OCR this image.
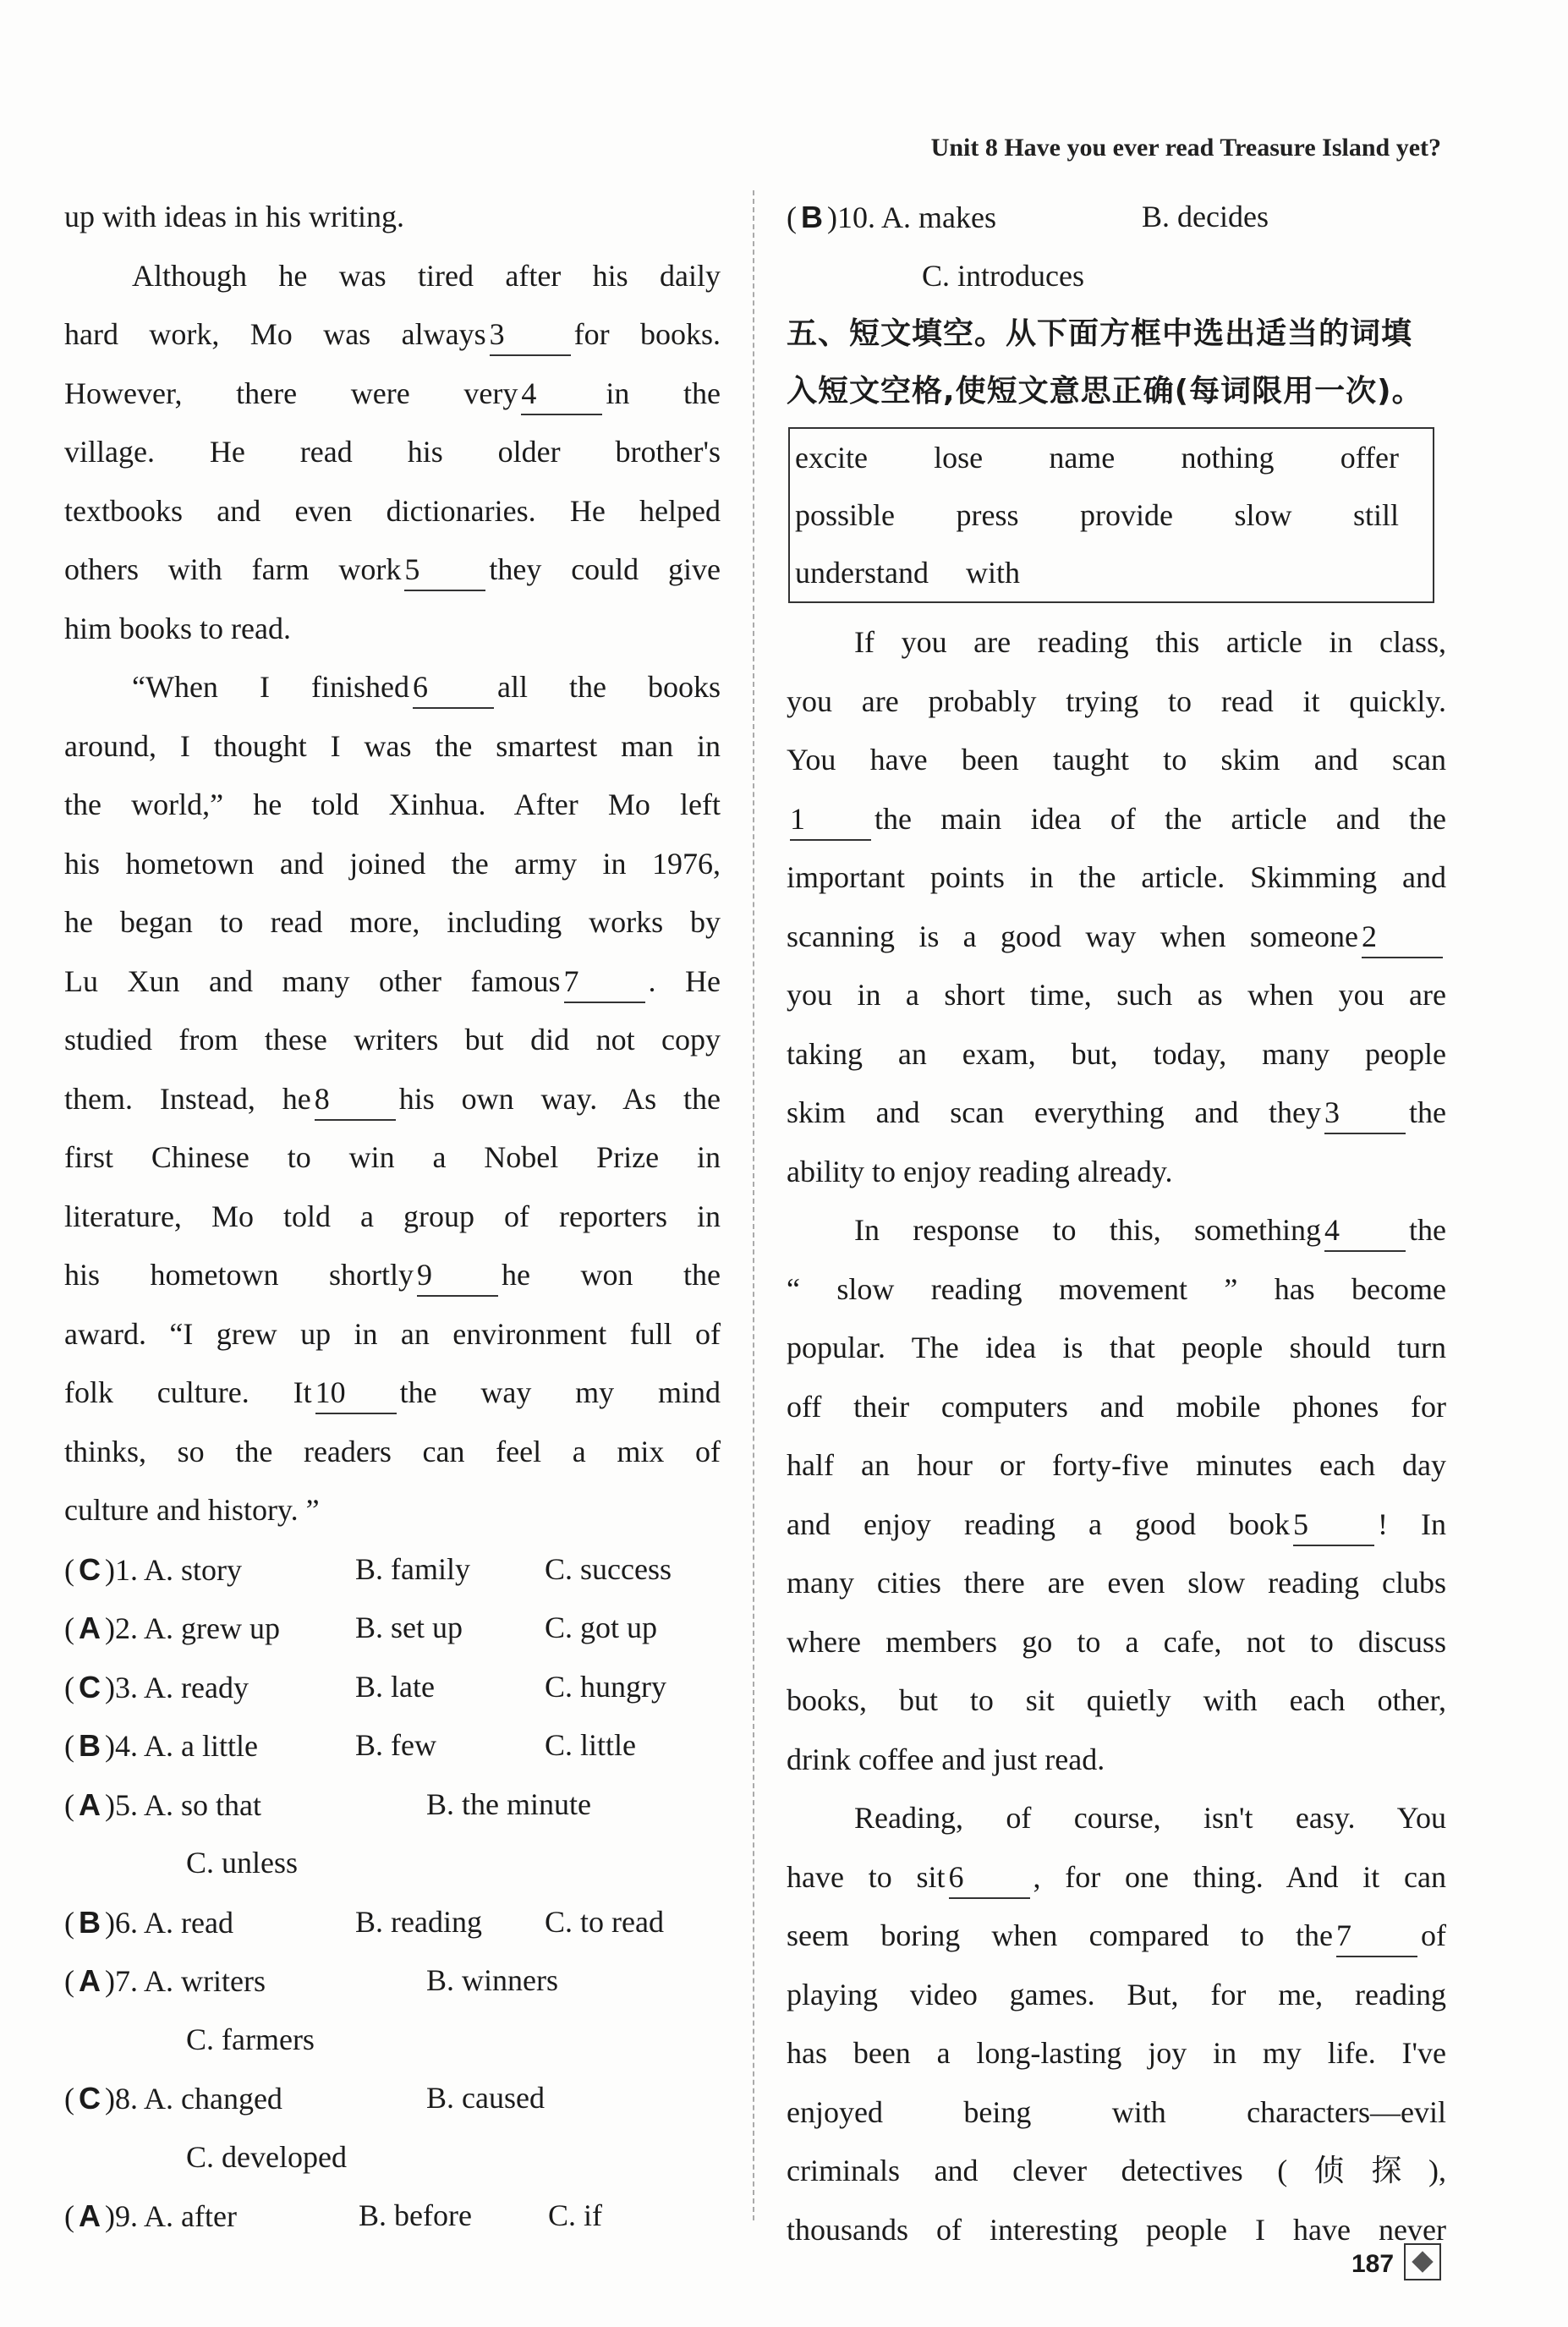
Unit 8 Have you ever read Treasure Island yet?
up with ideas in his writing.
Although he was tired after his daily
hard work, Mo was always 3 for books.
However, there were very 4 in the
village. He read his older brother's
textbooks and even dictionaries. He helped
others with farm work 5 they could give
him books to read.
“When I finished 6 all the books
around, I thought I was the smartest man in
the world,” he told Xinhua. After Mo left
his hometown and joined the army in 1976,
he began to read more, including works by
Lu Xun and many other famous 7 . He
studied from these writers but did not copy
them. Instead, he 8 his own way. As the
first Chinese to win a Nobel Prize in
literature, Mo told a group of reporters in
his hometown shortly 9 he won the
award. “I grew up in an environment full of
folk culture. It 10 the way my mind
thinks, so the readers can feel a mix of
culture and history. ”
( C )1. A. story	B. family C. success
( A )2. A. grew up B. set up	C. got up
( C )3. A. ready	B. late	C. hungry
( B )4. A. a little	B. few	C. little
( A )5. A. so that	B. the minute
C. unless
( B )6. A. read	B. reading C. to read
( A )7. A. writers	B. winners
C. farmers
( C )8. A. changed	B. caused
C. developed
( A )9. A. after	B. before	C. if
( B )10. A. makes	B. decides
C. introduces
五、短文填空。从下面方框中选出适当的词填
入短文空格,使短文意思正确(每词限用一次)。
excite lose name nothing offer
possible press provide slow still
understand with
If you are reading this article in class,
you are probably trying to read it quickly.
You have been taught to skim and scan
1 the main idea of the article and the
important points in the article. Skimming and
scanning is a good way when someone 2
you in a short time, such as when you are
taking an exam, but, today, many people
skim and scan everything and they 3 the
ability to enjoy reading already.
In response to this, something 4 the
“ slow reading movement ” has become
popular. The idea is that people should turn
off their computers and mobile phones for
half an hour or forty-five minutes each day
and enjoy reading a good book 5 ! In
many cities there are even slow reading clubs
where members go to a cafe, not to discuss
books, but to sit quietly with each other,
drink coffee and just read.
Reading, of course, isn't easy. You
have to sit 6 , for one thing. And it can
seem boring when compared to the 7 of
playing video games. But, for me, reading
has been a long-lasting joy in my life. I've
enjoyed being with characters—evil
criminals and clever detectives (侦探),
thousands of interesting people I have never
187
